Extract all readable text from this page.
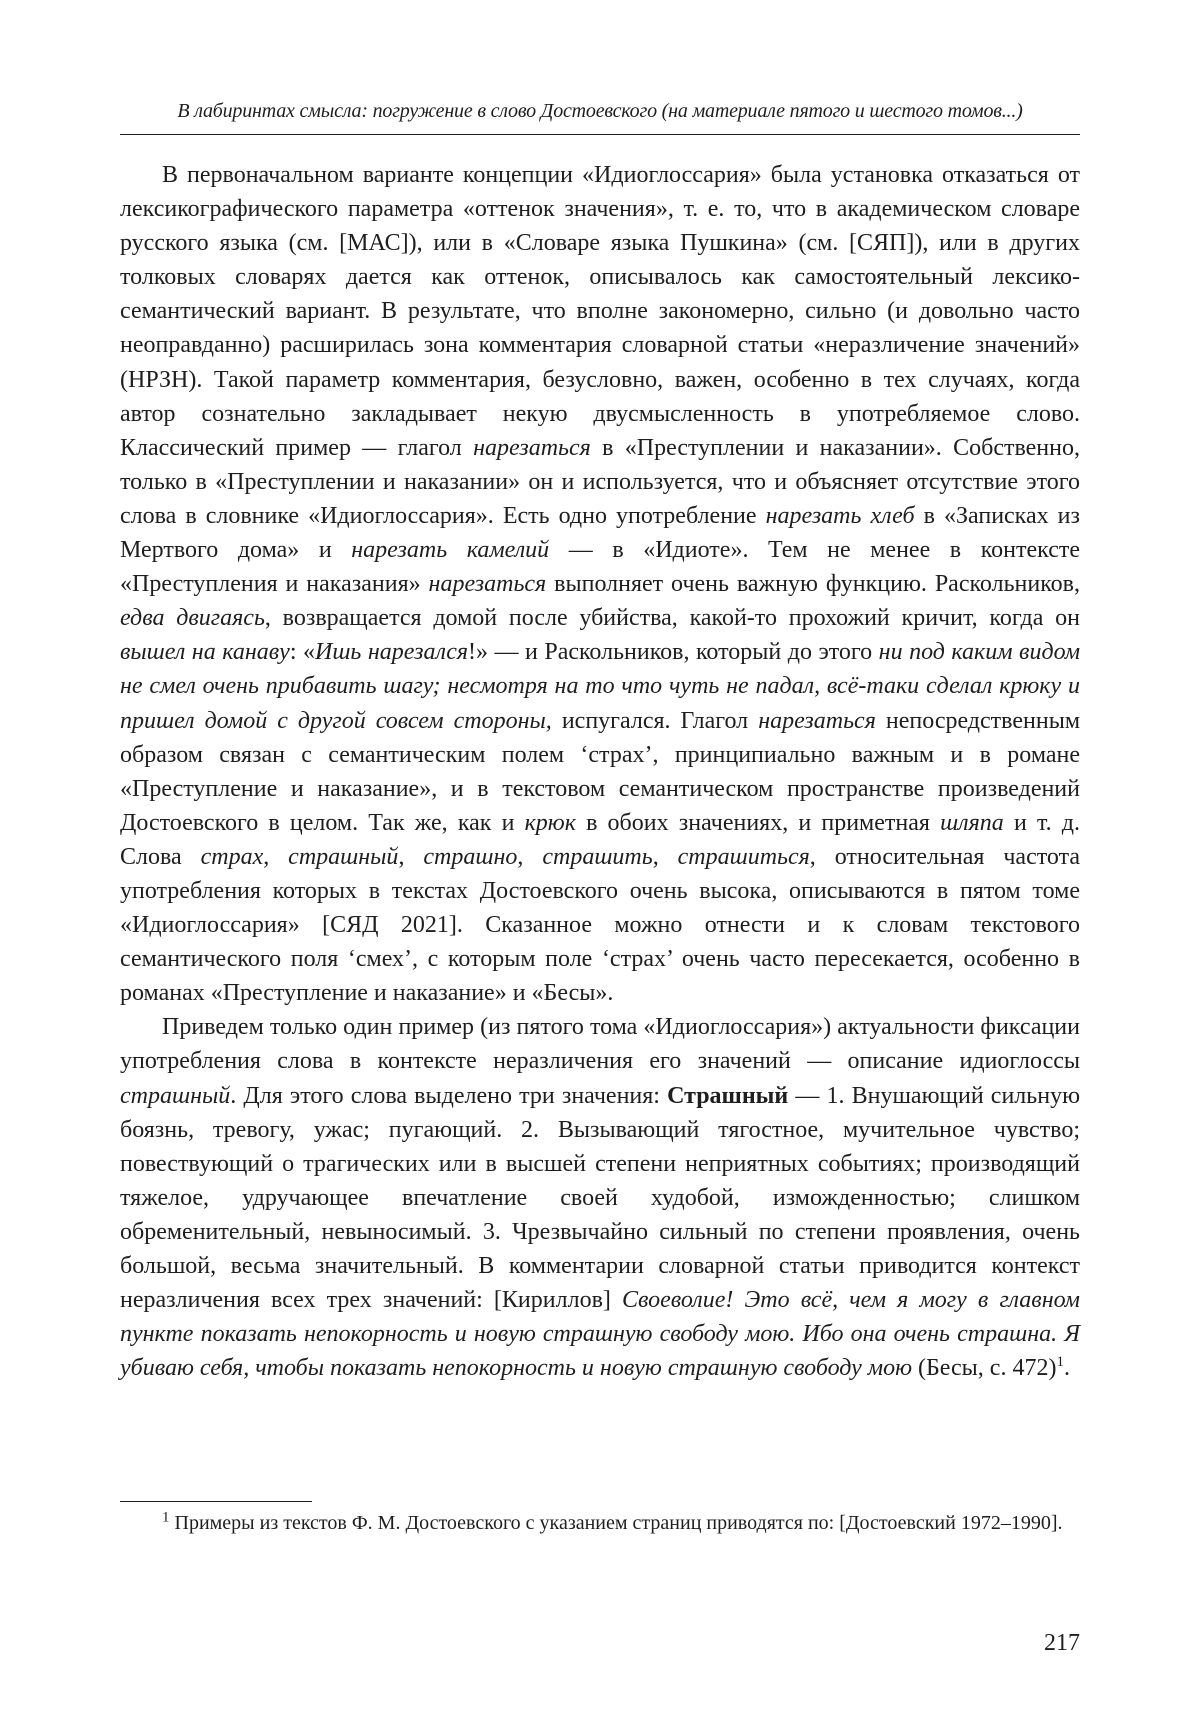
В лабиринтах смысла: погружение в слово Достоевского (на материале пятого и шестого томов...)

В первоначальном варианте концепции «Идиоглоссария» была установка отказаться от лексикографического параметра «оттенок значения», т. е. то, что в академическом словаре русского языка (см. [МАС]), или в «Словаре языка Пушкина» (см. [СЯП]), или в других толковых словарях дается как оттенок, описывалось как самостоятельный лексико-семантический вариант. В результате, что вполне закономерно, сильно (и довольно часто неоправданно) расширилась зона комментария словарной статьи «неразличение значений» (НРЗН). Такой параметр комментария, безусловно, важен, особенно в тех случаях, когда автор сознательно закладывает некую двусмысленность в употребляемое слово. Классический пример — глагол нарезаться в «Преступлении и наказании». Собственно, только в «Преступлении и наказании» он и используется, что и объясняет отсутствие этого слова в словнике «Идиоглоссария». Есть одно употребление нарезать хлеб в «Записках из Мертвого дома» и нарезать камелий — в «Идиоте». Тем не менее в контексте «Преступления и наказания» нарезаться выполняет очень важную функцию. Раскольников, едва двигаясь, возвращается домой после убийства, какой-то прохожий кричит, когда он вышел на канаву: «Ишь нарезался!» — и Раскольников, который до этого ни под каким видом не смел очень прибавить шагу; несмотря на то что чуть не падал, всё-таки сделал крюку и пришел домой с другой совсем стороны, испугался. Глагол нарезаться непосредственным образом связан с семантическим полем ‘страх’, принципиально важным и в романе «Преступление и наказание», и в текстовом семантическом пространстве произведений Достоевского в целом. Так же, как и крюк в обоих значениях, и приметная шляпа и т. д. Слова страх, страшный, страшно, страшить, страшиться, относительная частота употребления которых в текстах Достоевского очень высока, описываются в пятом томе «Идиоглоссария» [СЯД 2021]. Сказанное можно отнести и к словам текстового семантического поля ‘смех’, с которым поле ‘страх’ очень часто пересекается, особенно в романах «Преступление и наказание» и «Бесы».

Приведем только один пример (из пятого тома «Идиоглоссария») актуальности фиксации употребления слова в контексте неразличения его значений — описание идиоглоссы страшный. Для этого слова выделено три значения: Страшный — 1. Внушающий сильную боязнь, тревогу, ужас; пугающий. 2. Вызывающий тягостное, мучительное чувство; повествующий о трагических или в высшей степени неприятных событиях; производящий тяжелое, удручающее впечатление своей худобой, изможденностью; слишком обременительный, невыносимый. 3. Чрезвычайно сильный по степени проявления, очень большой, весьма значительный. В комментарии словарной статьи приводится контекст неразличения всех трех значений: [Кириллов] Своеволие! Это всё, чем я могу в главном пункте показать непокорность и новую страшную свободу мою. Ибо она очень страшна. Я убиваю себя, чтобы показать непокорность и новую страшную свободу мою (Бесы, с. 472)$^1$.

$^1$ Примеры из текстов Ф. М. Достоевского с указанием страниц приводятся по: [Достоевский 1972–1990].

217
